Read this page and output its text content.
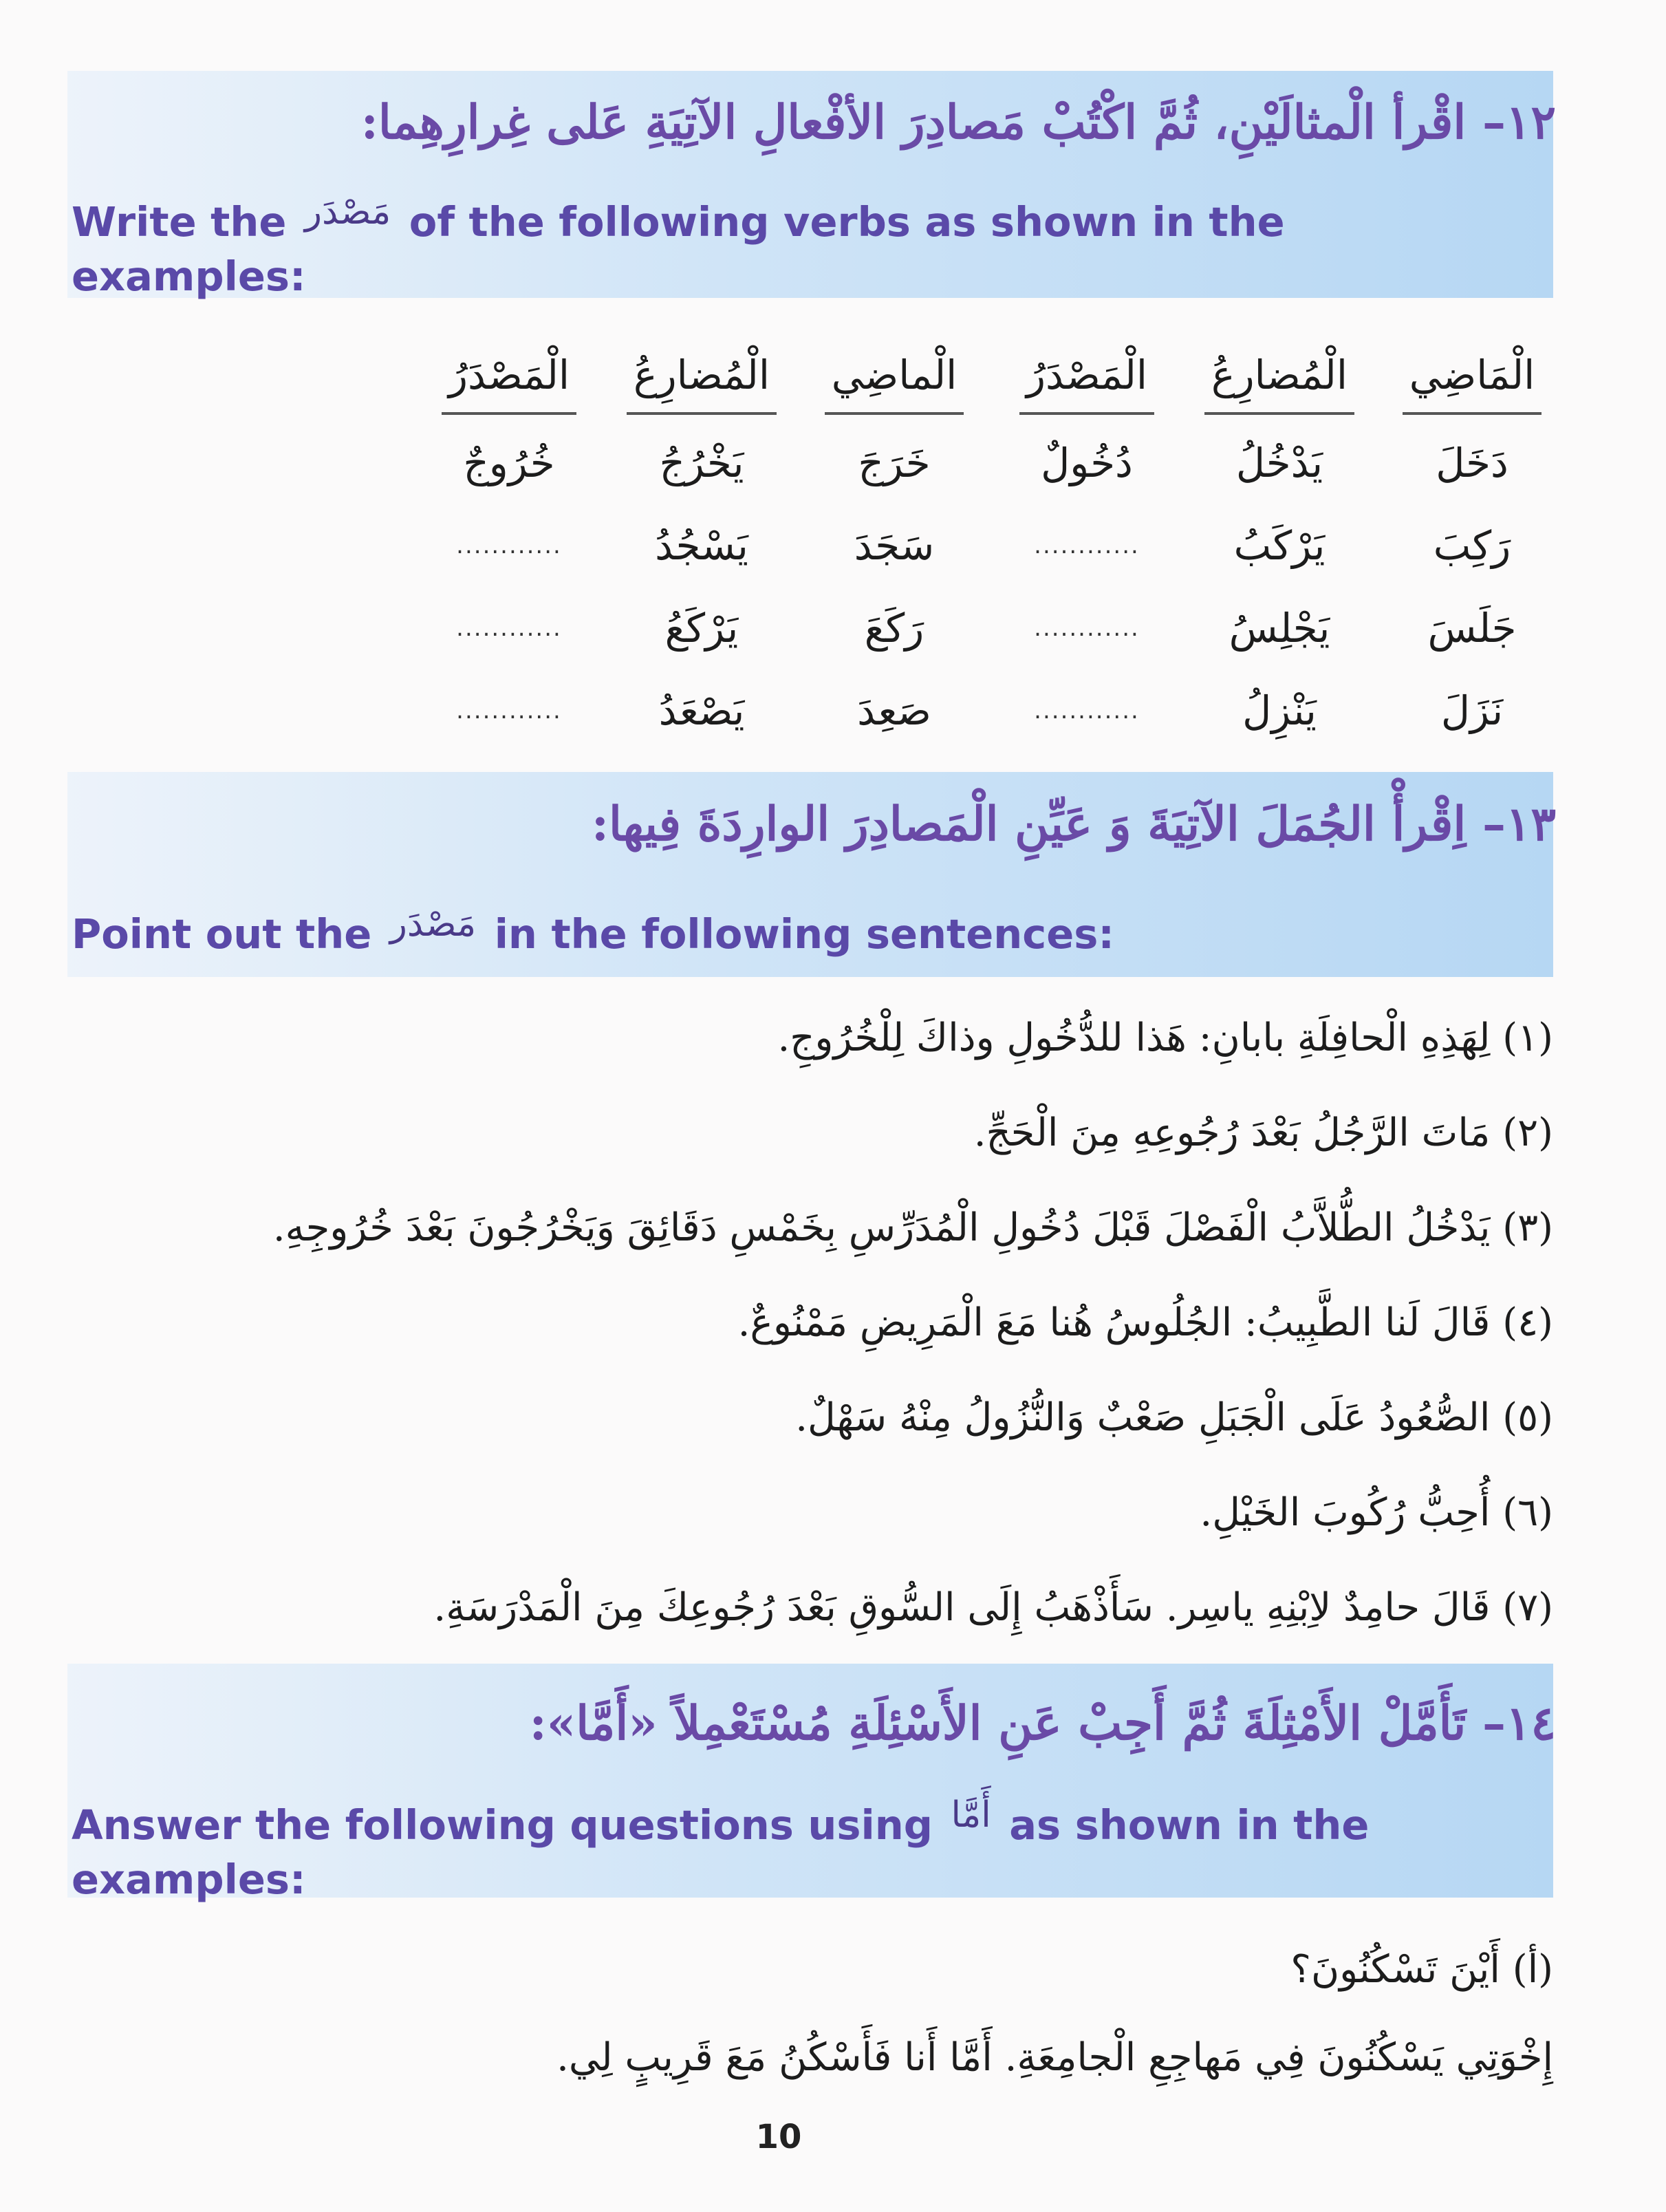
١٢– اقْرأ الْمثالَيْنِ، ثُمَّ اكْتُبْ مَصادِرَ الأفْعالِ الآتِيَةِ عَلى غِرارِهِما:

Write the مَصْدَر of the following verbs as shown in the examples:

الْمَاضِي
الْمُضارِعُ
الْمَصْدَرُ
الْماضِي
الْمُضارِعُ
الْمَصْدَرُ
دَخَلَ
يَدْخُلُ
دُخُولٌ
خَرَجَ
يَخْرُجُ
خُرُوجٌ
رَكِبَ
يَرْكَبُ
............
سَجَدَ
يَسْجُدُ
............
جَلَسَ
يَجْلِسُ
............
رَكَعَ
يَرْكَعُ
............
نَزَلَ
يَنْزِلُ
............
صَعِدَ
يَصْعَدُ
............
١٣– اِقْرأْ الجُمَلَ الآتِيَةَ وَ عَيِّنِ الْمَصادِرَ الوارِدَةَ فِيها:

Point out the مَصْدَر in the following sentences:

(١) لِهَذِهِ الْحافِلَةِ بابانِ: هَذا للدُّخُولِ وذاكَ لِلْخُرُوجِ.
(٢) مَاتَ الرَّجُلُ بَعْدَ رُجُوعِهِ مِنَ الْحَجِّ.
(٣) يَدْخُلُ الطُّلاَّبُ الْفَصْلَ قَبْلَ دُخُولِ الْمُدَرِّسِ بِخَمْسِ دَقَائِقَ وَيَخْرُجُونَ بَعْدَ خُرُوجِهِ.
(٤) قَالَ لَنا الطَّبِيبُ: الجُلُوسُ هُنا مَعَ الْمَرِيضِ مَمْنُوعٌ.
(٥) الصُّعُودُ عَلَى الْجَبَلِ صَعْبٌ وَالنُّزُولُ مِنْهُ سَهْلٌ.
(٦) أُحِبُّ رُكُوبَ الخَيْلِ.
(٧) قَالَ حامِدٌ لاِبْنِهِ ياسِر. سَأَذْهَبُ إِلَى السُّوقِ بَعْدَ رُجُوعِكَ مِنَ الْمَدْرَسَةِ.
١٤– تَأَمَّلْ الأَمْثِلَةَ ثُمَّ أَجِبْ عَنِ الأَسْئِلَةِ مُسْتَعْمِلاً «أَمَّا»:

Answer the following questions using أَمَّا as shown in the examples:

(أ) أَيْنَ تَسْكُنُونَ؟
إِخْوَتِي يَسْكُنُونَ فِي مَهاجِعِ الْجامِعَةِ. أَمَّا أَنا فَأَسْكُنُ مَعَ قَرِيبٍ لِي.
10
